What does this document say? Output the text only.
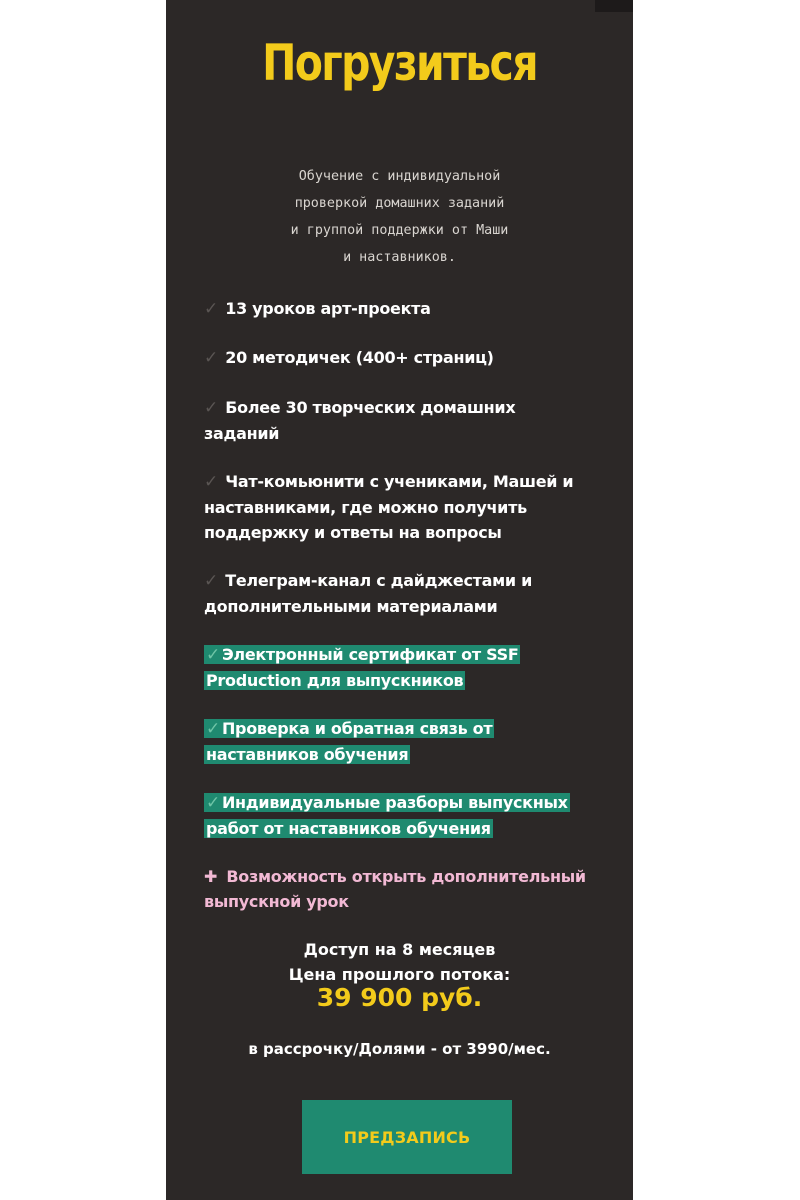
Погрузиться
Обучение с индивидуальной
проверкой домашних заданий
и группой поддержки от Маши
и наставников.
✓ 13 уроков арт-проекта
✓ 20 методичек (400+ страниц)
✓ Более 30 творческих домашних заданий
✓ Чат-комьюнити с учениками, Машей и наставниками, где можно получить поддержку и ответы на вопросы
✓ Телеграм-канал с дайджестами и дополнительными материалами
✓ Электронный сертификат от SSF Production для выпускников
✓ Проверка и обратная связь от наставников обучения
✓ Индивидуальные разборы выпускных работ от наставников обучения
✚ Возможность открыть дополнительный выпускной урок
Доступ на 8 месяцев
Цена прошлого потока:
39 900 руб.
в рассрочку/Долями - от 3990/мес.
ПРЕДЗАПИСЬ
